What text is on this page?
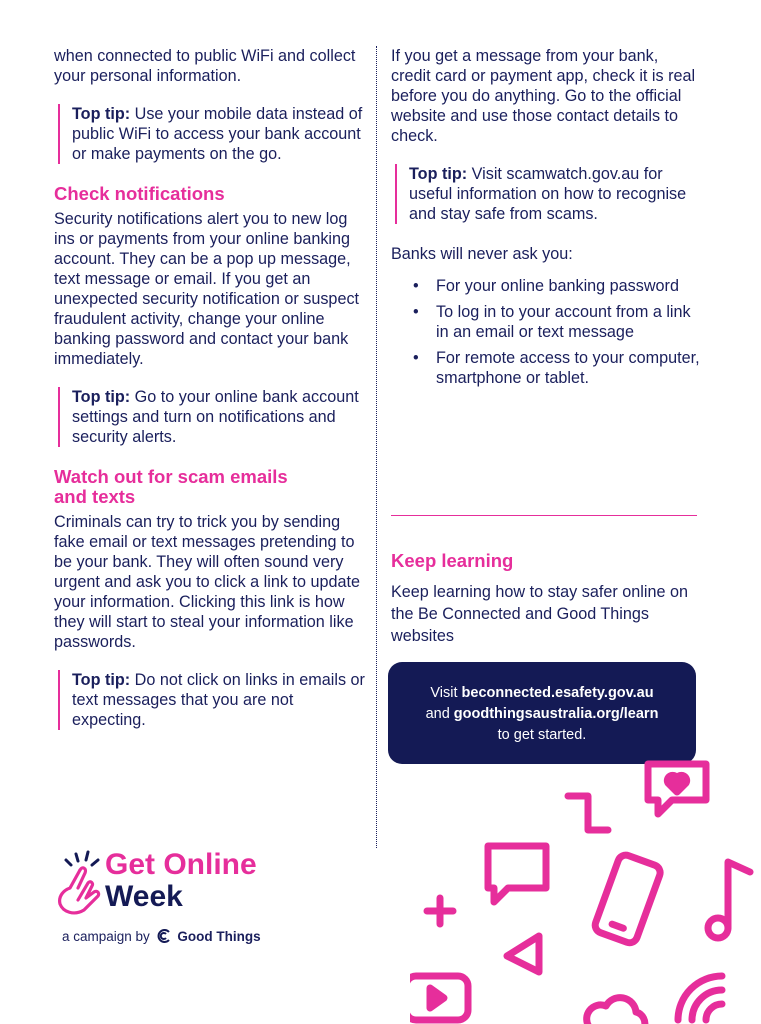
when connected to public WiFi and collect your personal information.

Top tip: Use your mobile data instead of public WiFi to access your bank account or make payments on the go.
Check notifications

Security notifications alert you to new log ins or payments from your online banking account. They can be a pop up message, text message or email. If you get an unexpected security notification or suspect fraudulent activity, change your online banking password and contact your bank immediately.

Top tip: Go to your online bank account settings and turn on notifications and security alerts.
Watch out for scam emails and texts

Criminals can try to trick you by sending fake email or text messages pretending to be your bank. They will often sound very urgent and ask you to click a link to update your information. Clicking this link is how they will start to steal your information like passwords.

Top tip: Do not click on links in emails or text messages that you are not expecting.

If you get a message from your bank, credit card or payment app, check it is real before you do anything. Go to the official website and use those contact details to check.

Top tip: Visit scamwatch.gov.au for useful information on how to recognise and stay safe from scams.

Banks will never ask you:

• For your online banking password
• To log in to your account from a link in an email or text message
• For remote access to your computer, smartphone or tablet.
Keep learning

Keep learning how to stay safer online on the Be Connected and Good Things websites

Visit beconnected.esafety.gov.au
and goodthingsaustralia.org/learn
to get started.
Get Online
Week
a campaign by Good Things
